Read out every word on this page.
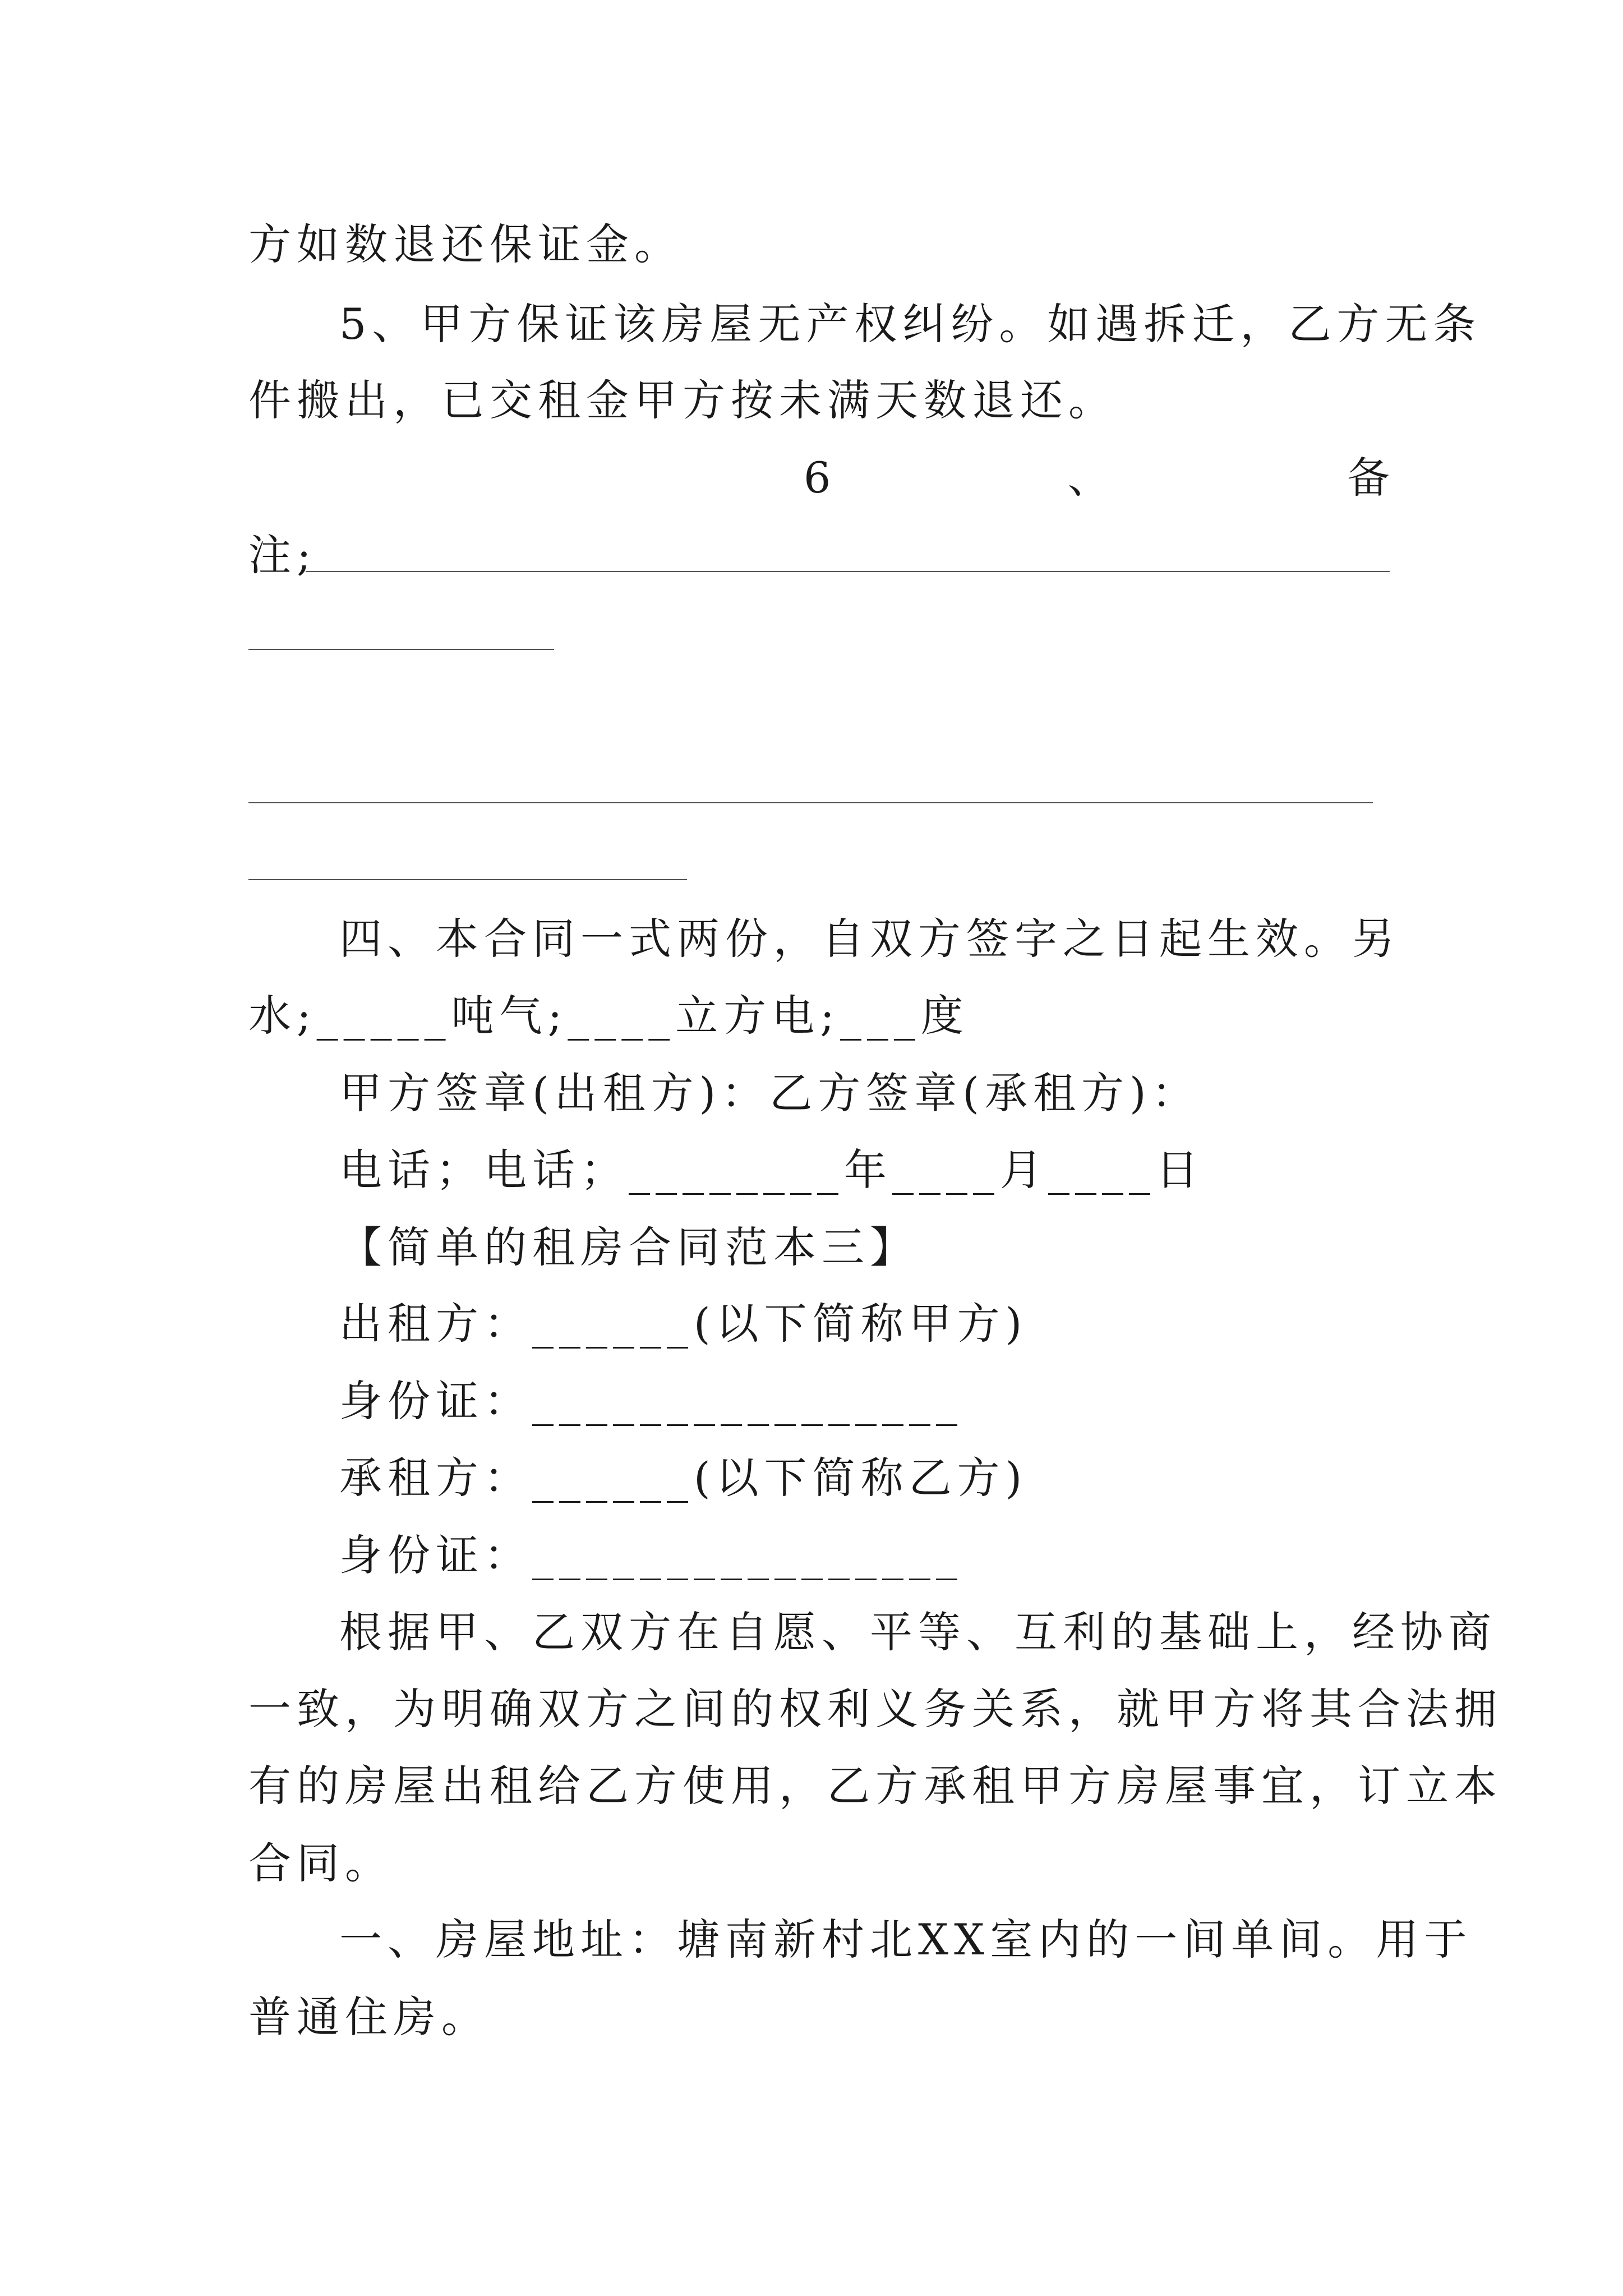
方如数退还保证金。
5、甲方保证该房屋无产权纠纷。如遇拆迁，乙方无条
件搬出，已交租金甲方按未满天数退还。
6	、	备
注;
四、本合同一式两份，自双方签字之日起生效。另
水;_____吨气;____立方电;___度
甲方签章(出租方)：乙方签章(承租方)：
电话；电话；________年____月____日
【简单的租房合同范本三】
出租方：______(以下简称甲方)
身份证：________________
承租方：______(以下简称乙方)
身份证：________________
根据甲、乙双方在自愿、平等、互利的基础上，经协商
一致，为明确双方之间的权利义务关系，就甲方将其合法拥
有的房屋出租给乙方使用，乙方承租甲方房屋事宜，订立本
合同。
一、房屋地址：塘南新村北XX室内的一间单间。用于
普通住房。
